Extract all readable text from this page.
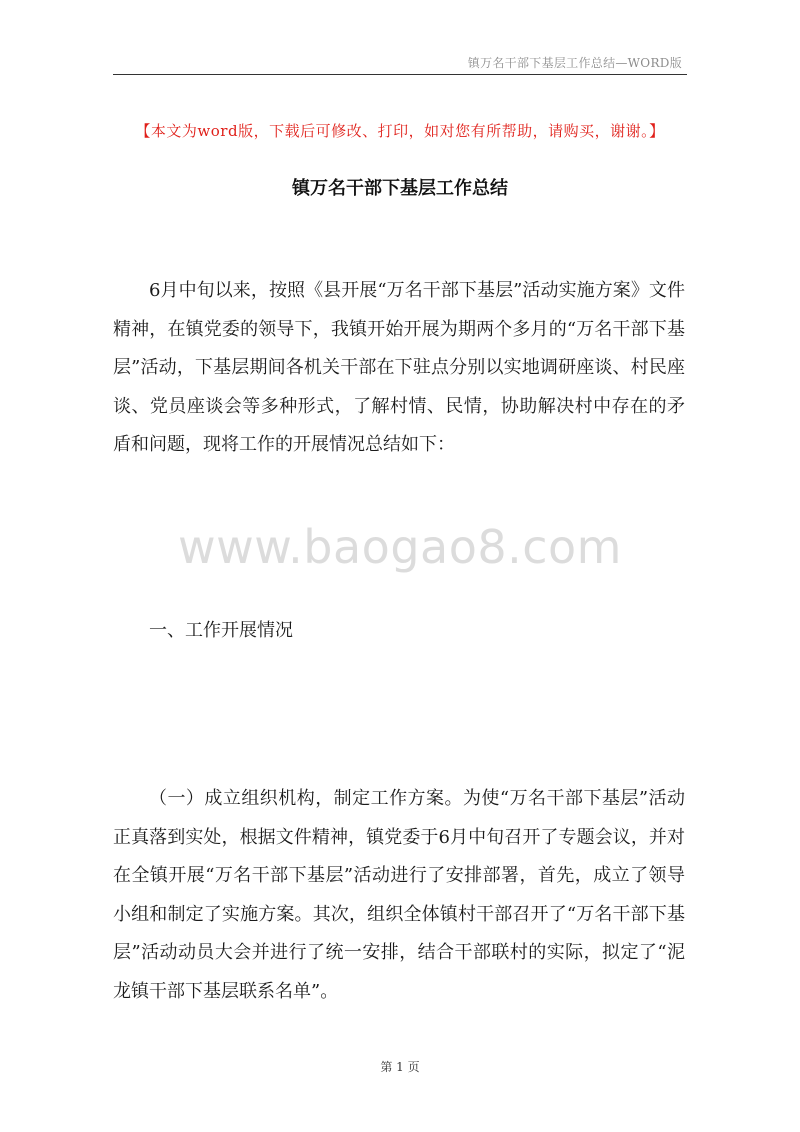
镇万名干部下基层工作总结—WORD版
【本文为word版，下载后可修改、打印，如对您有所帮助，请购买，谢谢。】
镇万名干部下基层工作总结

6月中旬以来，按照《县开展“万名干部下基层”活动实施方案》文件精神，在镇党委的领导下，我镇开始开展为期两个多月的“万名干部下基层”活动，下基层期间各机关干部在下驻点分别以实地调研座谈、村民座谈、党员座谈会等多种形式，了解村情、民情，协助解决村中存在的矛盾和问题，现将工作的开展情况总结如下：

www.baogao8.com

一、工作开展情况

（一）成立组织机构，制定工作方案。为使“万名干部下基层”活动正真落到实处，根据文件精神，镇党委于6月中旬召开了专题会议，并对在全镇开展“万名干部下基层”活动进行了安排部署，首先，成立了领导小组和制定了实施方案。其次，组织全体镇村干部召开了“万名干部下基层”活动动员大会并进行了统一安排，结合干部联村的实际，拟定了“泥龙镇干部下基层联系名单”。

第 1 页
